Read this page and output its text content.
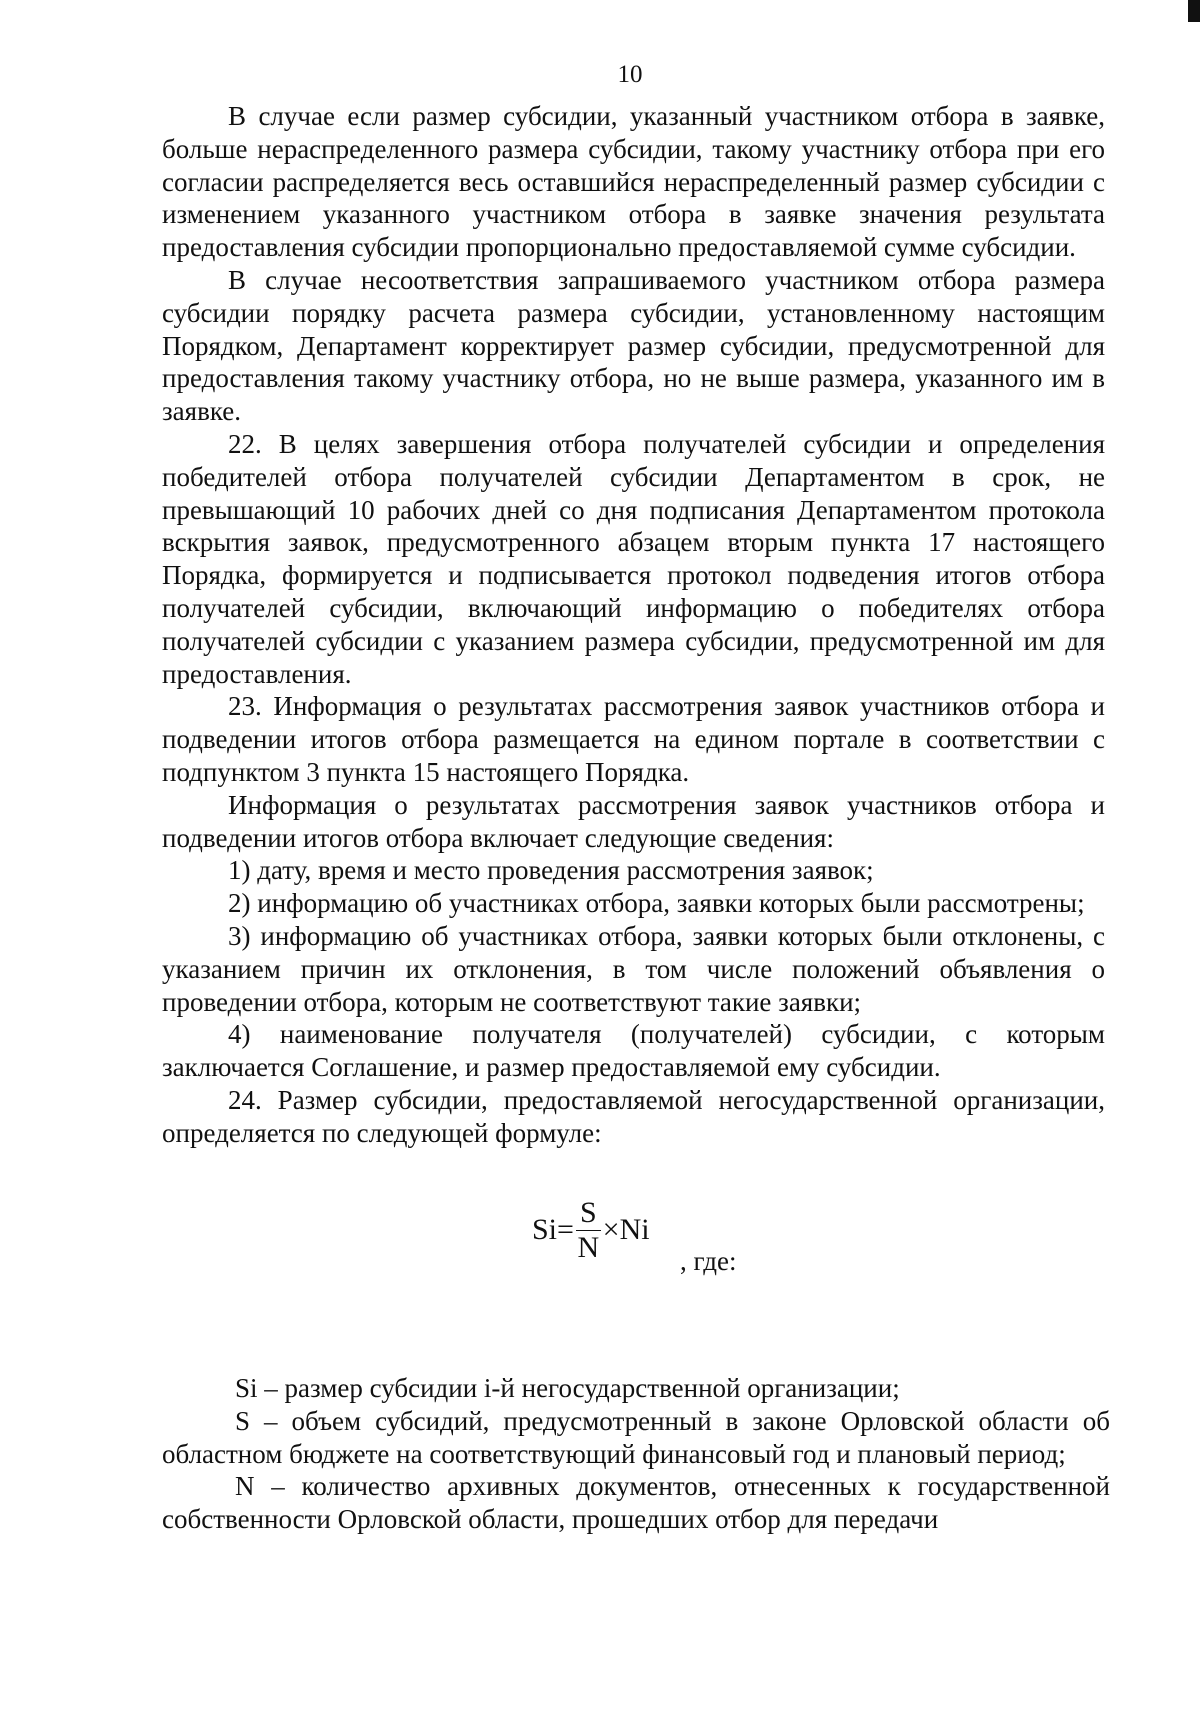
10

В случае если размер субсидии, указанный участником отбора в заявке, больше нераспределенного размера субсидии, такому участнику отбора при его согласии распределяется весь оставшийся нераспределенный размер субсидии с изменением указанного участником отбора в заявке значения результата предоставления субсидии пропорционально предоставляемой сумме субсидии.

В случае несоответствия запрашиваемого участником отбора размера субсидии порядку расчета размера субсидии, установленному настоящим Порядком, Департамент корректирует размер субсидии, предусмотренной для предоставления такому участнику отбора, но не выше размера, указанного им в заявке.

22. В целях завершения отбора получателей субсидии и определения победителей отбора получателей субсидии Департаментом в срок, не превышающий 10 рабочих дней со дня подписания Департаментом протокола вскрытия заявок, предусмотренного абзацем вторым пункта 17 настоящего Порядка, формируется и подписывается протокол подведения итогов отбора получателей субсидии, включающий информацию о победителях отбора получателей субсидии с указанием размера субсидии, предусмотренной им для предоставления.

23. Информация о результатах рассмотрения заявок участников отбора и подведении итогов отбора размещается на едином портале в соответствии с подпунктом 3 пункта 15 настоящего Порядка.

Информация о результатах рассмотрения заявок участников отбора и подведении итогов отбора включает следующие сведения:

1) дату, время и место проведения рассмотрения заявок;

2) информацию об участниках отбора, заявки которых были рассмотрены;

3) информацию об участниках отбора, заявки которых были отклонены, с указанием причин их отклонения, в том числе положений объявления о проведении отбора, которым не соответствуют такие заявки;

4) наименование получателя (получателей) субсидии, с которым заключается Соглашение, и размер предоставляемой ему субсидии.

24. Размер субсидии, предоставляемой негосударственной организации, определяется по следующей формуле:

$Si= \frac{S}{N} \times Ni$
, где:

Si – размер субсидии i-й негосударственной организации;

S – объем субсидий, предусмотренный в законе Орловской области об областном бюджете на соответствующий финансовый год и плановый период;

N – количество архивных документов, отнесенных к государственной собственности Орловской области, прошедших отбор для передачи
